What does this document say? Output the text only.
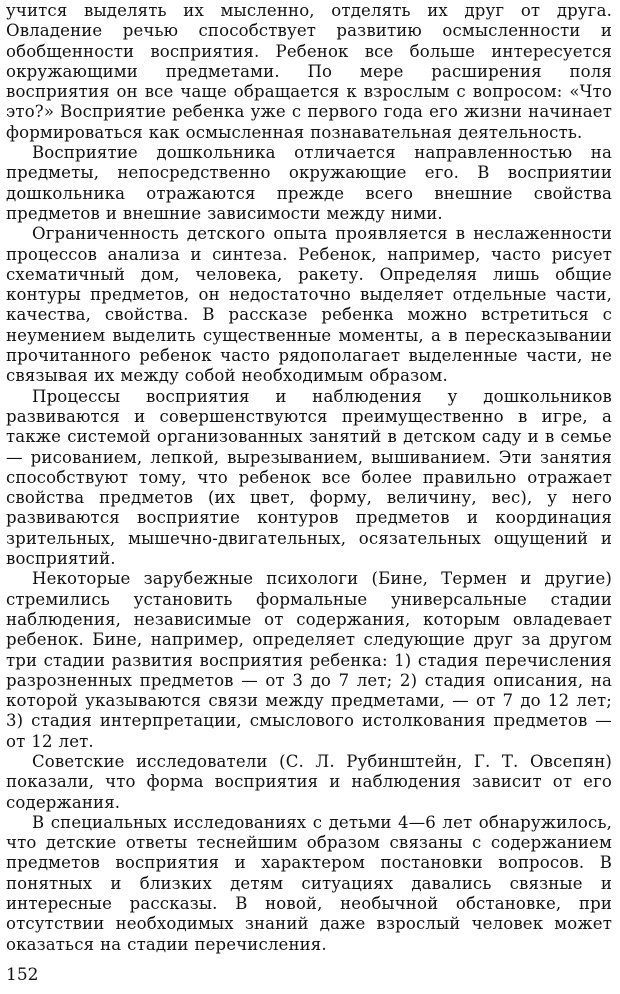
учится выделять их мысленно, отделять их друг от друга. Овладение речью способствует развитию осмысленности и обобщенности восприятия. Ребенок все больше интересуется окружающими предметами. По мере расширения поля восприятия он все чаще обращается к взрослым с вопросом: «Что это?» Восприятие ребенка уже с первого года его жизни начинает формироваться как осмысленная познавательная деятельность.

Восприятие дошкольника отличается направленностью на предметы, непосредственно окружающие его. В восприятии дошкольника отражаются прежде всего внешние свойства предметов и внешние зависимости между ними.

Ограниченность детского опыта проявляется в неслаженности процессов анализа и синтеза. Ребенок, например, часто рисует схематичный дом, человека, ракету. Определяя лишь общие контуры предметов, он недостаточно выделяет отдельные части, качества, свойства. В рассказе ребенка можно встретиться с неумением выделить существенные моменты, а в пересказывании прочитанного ребенок часто рядополагает выделенные части, не связывая их между собой необходимым образом.

Процессы восприятия и наблюдения у дошкольников развиваются и совершенствуются преимущественно в игре, а также системой организованных занятий в детском саду и в семье — рисованием, лепкой, вырезыванием, вышиванием. Эти занятия способствуют тому, что ребенок все более правильно отражает свойства предметов (их цвет, форму, величину, вес), у него развиваются восприятие контуров предметов и координация зрительных, мышечно-двигательных, осязательных ощущений и восприятий.

Некоторые зарубежные психологи (Бине, Термен и другие) стремились установить формальные универсальные стадии наблюдения, независимые от содержания, которым овладевает ребенок. Бине, например, определяет следующие друг за другом три стадии развития восприятия ребенка: 1) стадия перечисления разрозненных предметов — от 3 до 7 лет; 2) стадия описания, на которой указываются связи между предметами, — от 7 до 12 лет; 3) стадия интерпретации, смыслового истолкования предметов — от 12 лет.

Советские исследователи (С. Л. Рубинштейн, Г. Т. Овсепян) показали, что форма восприятия и наблюдения зависит от его содержания.

В специальных исследованиях с детьми 4—6 лет обнаружилось, что детские ответы теснейшим образом связаны с содержанием предметов восприятия и характером постановки вопросов. В понятных и близких детям ситуациях давались связные и интересные рассказы. В новой, необычной обстановке, при отсутствии необходимых знаний даже взрослый человек может оказаться на стадии перечисления.

152
